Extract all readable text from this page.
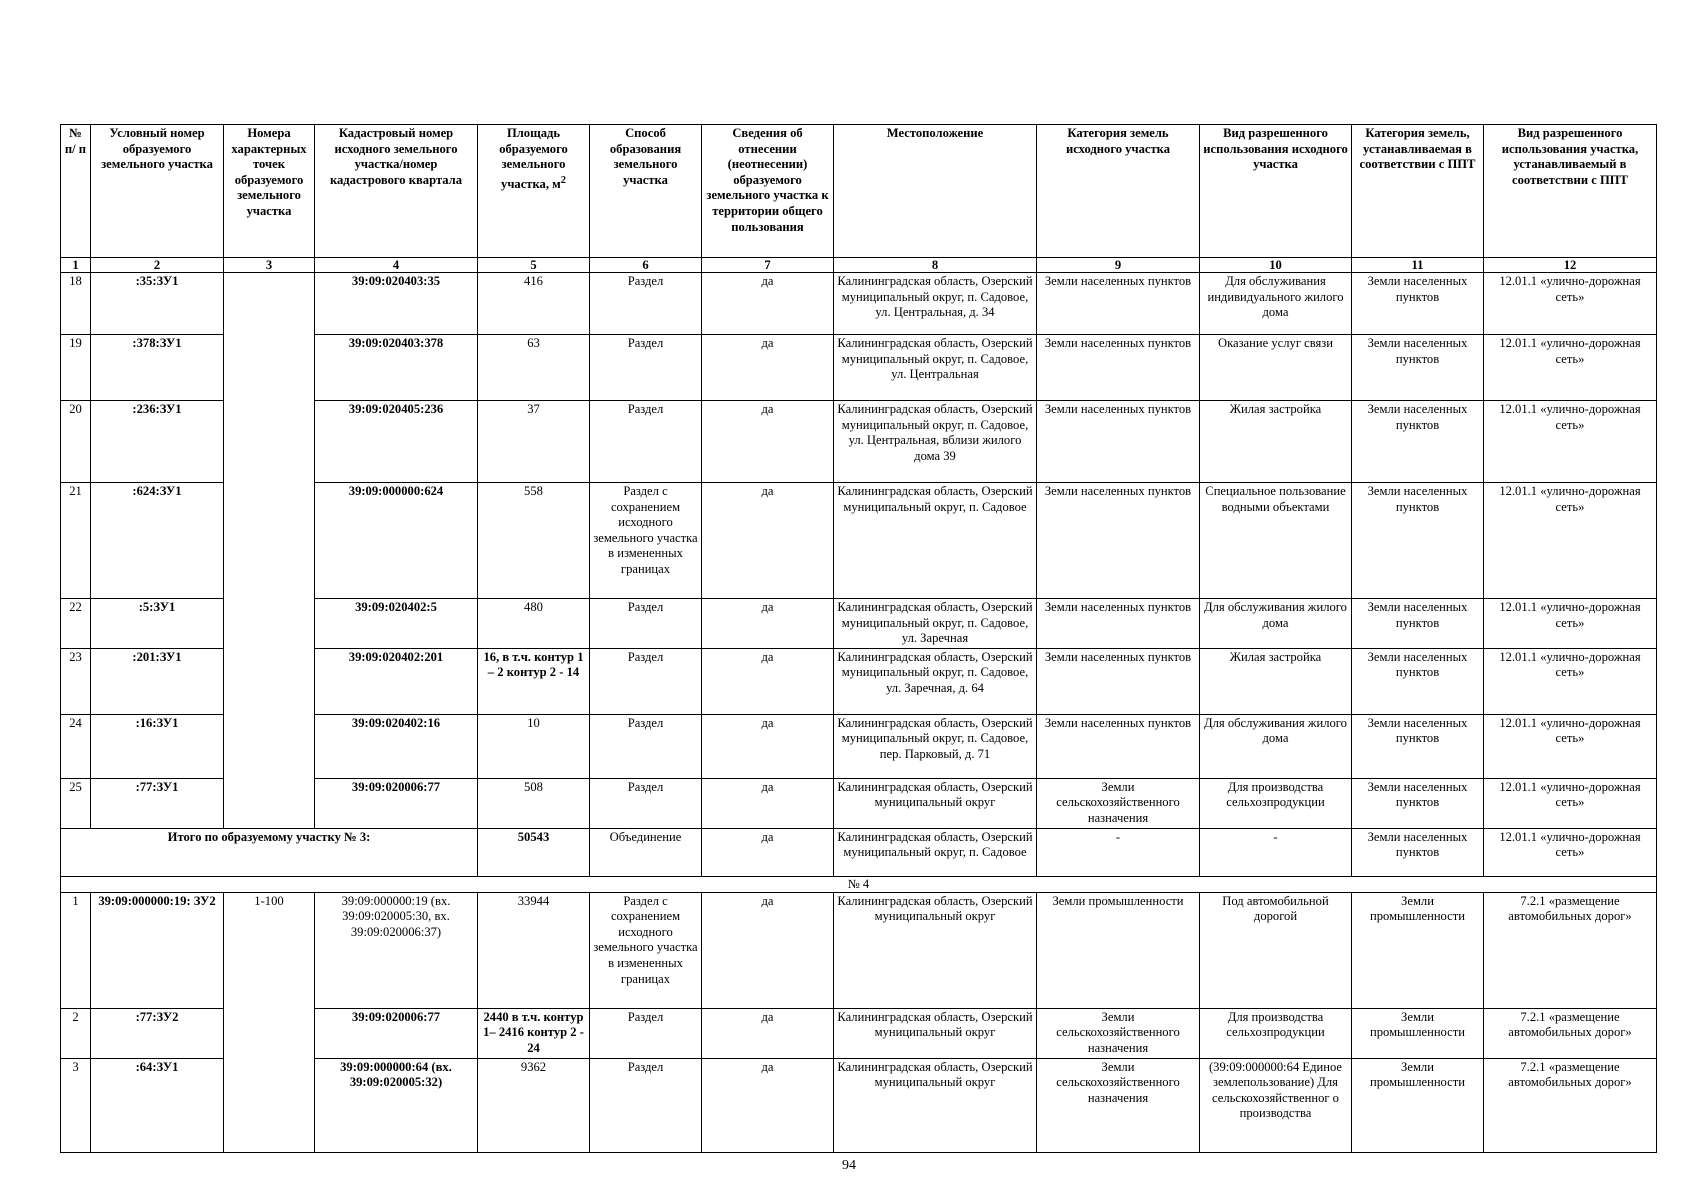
№ п/ п	Условный номер образуемого земельного участка	Номера характерных точек образуемого земельного участка	Кадастровый номер исходного земельного участка/номер кадастрового квартала	Площадь образуемого земельного участка, $м^2$	Способ образования земельного участка	Сведения об отнесении (неотнесении) образуемого земельного участка к территории общего пользования	Местоположение	Категория земель исходного участка	Вид разрешенного использования исходного участка	Категория земель, устанавливаемая в соответствии с ППТ	Вид разрешенного использования участка, устанавливаемый в соответствии с ППТ
1	2	3	4	5	6	7	8	9	10	11	12
18	:35:ЗУ1		39:09:020403:35	416	Раздел	да	Калининградская область, Озерский муниципальный округ, п. Садовое, ул. Центральная, д. 34	Земли населенных пунктов	Для обслуживания индивидуального жилого дома	Земли населенных пунктов	12.01.1 «улично-дорожная сеть»
19	:378:ЗУ1		39:09:020403:378	63	Раздел	да	Калининградская область, Озерский муниципальный округ, п. Садовое, ул. Центральная	Земли населенных пунктов	Оказание услуг связи	Земли населенных пунктов	12.01.1 «улично-дорожная сеть»
20	:236:ЗУ1		39:09:020405:236	37	Раздел	да	Калининградская область, Озерский муниципальный округ, п. Садовое, ул. Центральная, вблизи жилого дома 39	Земли населенных пунктов	Жилая застройка	Земли населенных пунктов	12.01.1 «улично-дорожная сеть»
21	:624:ЗУ1		39:09:000000:624	558	Раздел с сохранением исходного земельного участка в измененных границах	да	Калининградская область, Озерский муниципальный округ, п. Садовое	Земли населенных пунктов	Специальное пользование водными объектами	Земли населенных пунктов	12.01.1 «улично-дорожная сеть»
22	:5:ЗУ1		39:09:020402:5	480	Раздел	да	Калининградская область, Озерский муниципальный округ, п. Садовое, ул. Заречная	Земли населенных пунктов	Для обслуживания жилого дома	Земли населенных пунктов	12.01.1 «улично-дорожная сеть»
23	:201:ЗУ1		39:09:020402:201	16, в т.ч. контур 1 – 2 контур 2 - 14	Раздел	да	Калининградская область, Озерский муниципальный округ, п. Садовое, ул. Заречная, д. 64	Земли населенных пунктов	Жилая застройка	Земли населенных пунктов	12.01.1 «улично-дорожная сеть»
24	:16:ЗУ1		39:09:020402:16	10	Раздел	да	Калининградская область, Озерский муниципальный округ, п. Садовое, пер. Парковый, д. 71	Земли населенных пунктов	Для обслуживания жилого дома	Земли населенных пунктов	12.01.1 «улично-дорожная сеть»
25	:77:ЗУ1		39:09:020006:77	508	Раздел	да	Калининградская область, Озерский муниципальный округ	Земли сельскохозяйственного назначения	Для производства сельхозпродукции	Земли населенных пунктов	12.01.1 «улично-дорожная сеть»
Итого по образуемому участку № 3:				50543	Объединение	да	Калининградская область, Озерский муниципальный округ, п. Садовое	-	-	Земли населенных пунктов	12.01.1 «улично-дорожная сеть»
№ 4											
1	39:09:000000:19: ЗУ2	1-100	39:09:000000:19 (вх. 39:09:020005:30, вх. 39:09:020006:37)	33944	Раздел с сохранением исходного земельного участка в измененных границах	да	Калининградская область, Озерский муниципальный округ	Земли промышленности	Под автомобильной дорогой	Земли промышленности	7.2.1 «размещение автомобильных дорог»
2	:77:ЗУ2		39:09:020006:77	2440 в т.ч. контур 1– 2416 контур 2 - 24	Раздел	да	Калининградская область, Озерский муниципальный округ	Земли сельскохозяйственного назначения	Для производства сельхозпродукции	Земли промышленности	7.2.1 «размещение автомобильных дорог»
3	:64:ЗУ1		39:09:000000:64 (вх. 39:09:020005:32)	9362	Раздел	да	Калининградская область, Озерский муниципальный округ	Земли сельскохозяйственного назначения	(39:09:000000:64 Единое землепользование) Для сельскохозяйственног о производства	Земли промышленности	7.2.1 «размещение автомобильных дорог»
94
